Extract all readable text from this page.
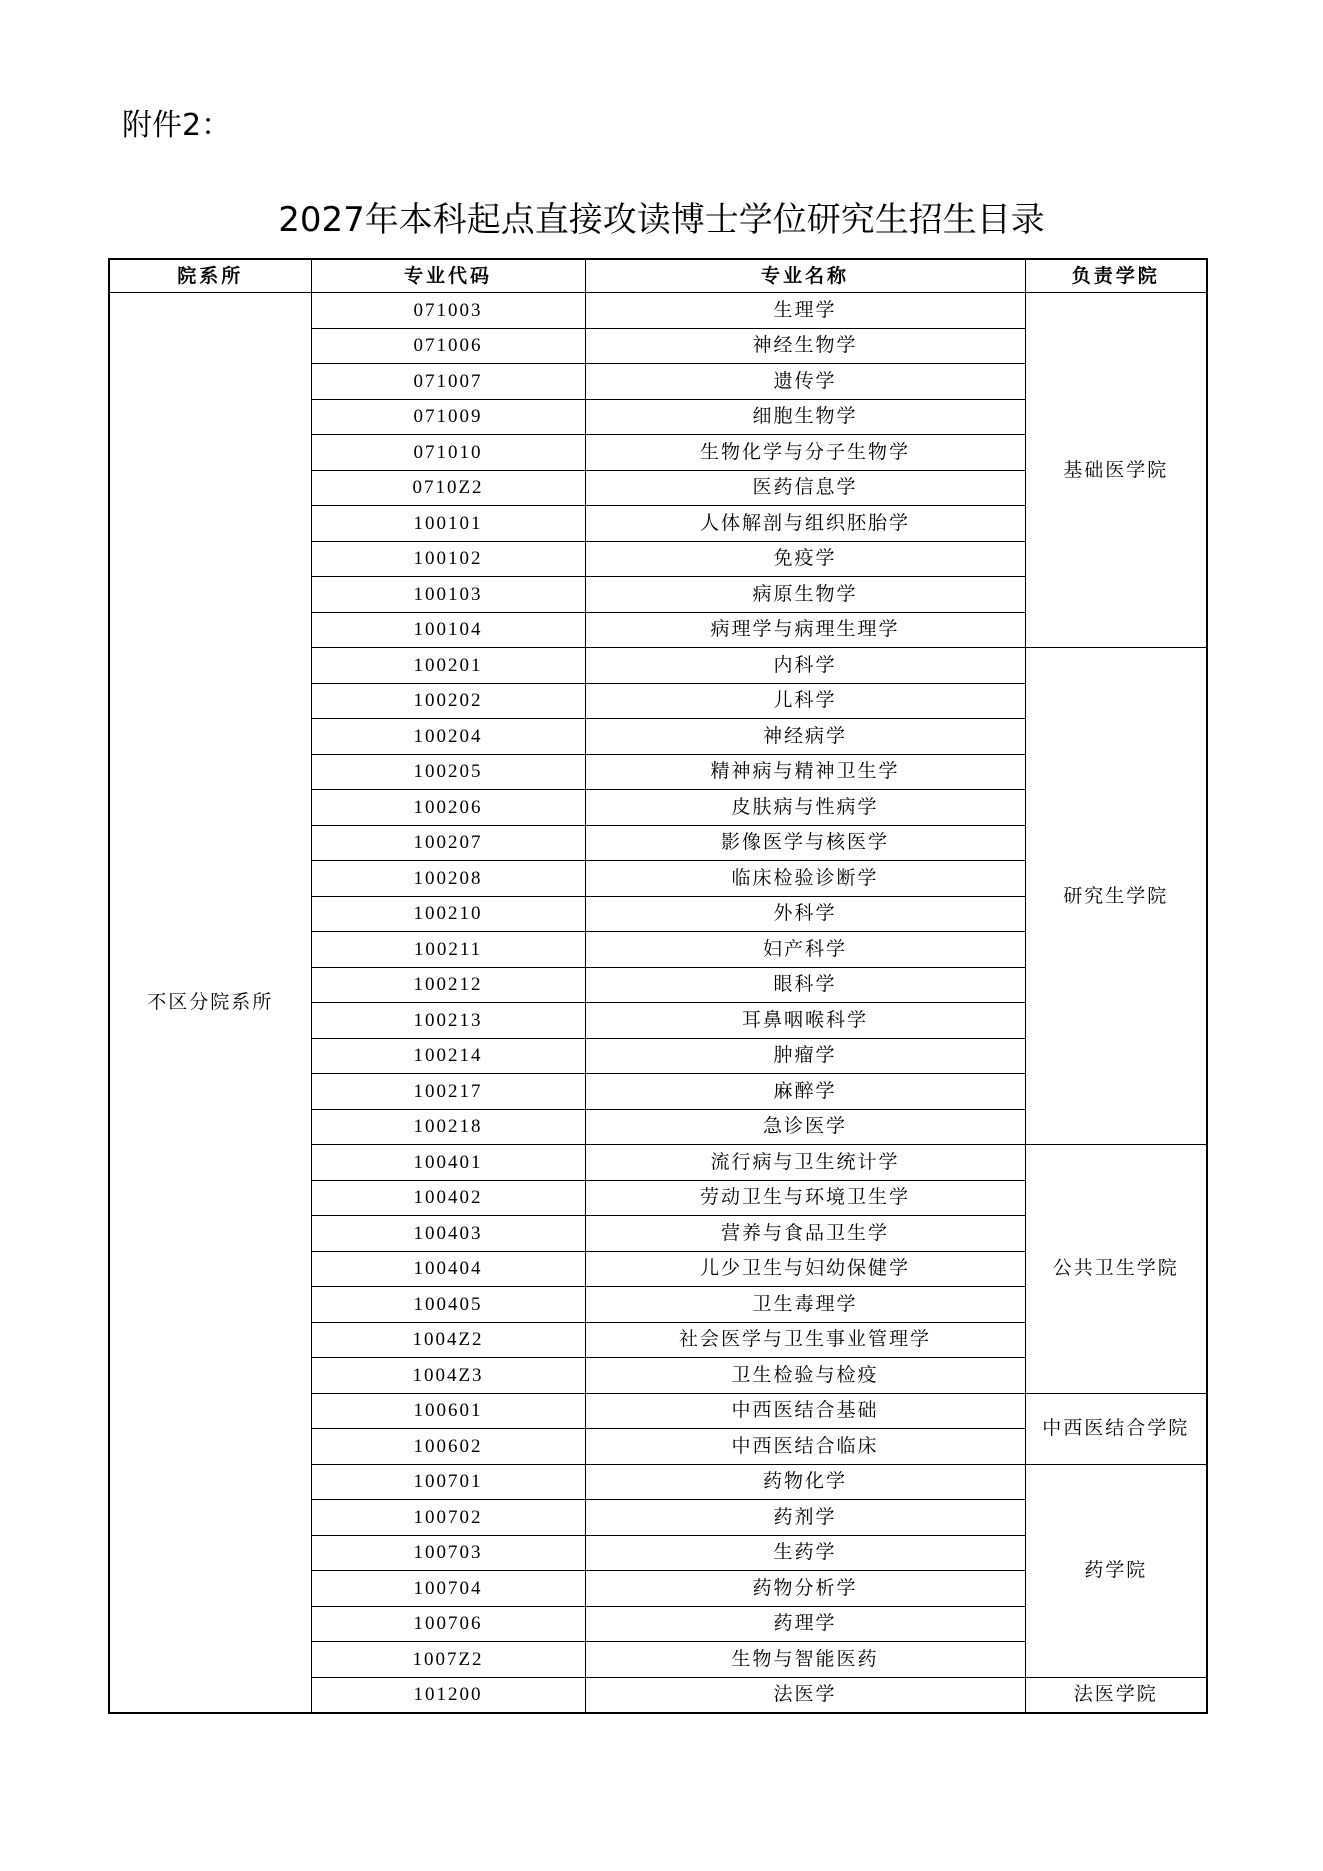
附件2：
2027年本科起点直接攻读博士学位研究生招生目录
院系所	专业代码	专业名称	负责学院
不区分院系所	071003	生理学	基础医学院
	071006	神经生物学	
	071007	遗传学	
	071009	细胞生物学	
	071010	生物化学与分子生物学	
	0710Z2	医药信息学	
	100101	人体解剖与组织胚胎学	
	100102	免疫学	
	100103	病原生物学	
	100104	病理学与病理生理学	
	100201	内科学	研究生学院
	100202	儿科学	
	100204	神经病学	
	100205	精神病与精神卫生学	
	100206	皮肤病与性病学	
	100207	影像医学与核医学	
	100208	临床检验诊断学	
	100210	外科学	
	100211	妇产科学	
	100212	眼科学	
	100213	耳鼻咽喉科学	
	100214	肿瘤学	
	100217	麻醉学	
	100218	急诊医学	
	100401	流行病与卫生统计学	公共卫生学院
	100402	劳动卫生与环境卫生学	
	100403	营养与食品卫生学	
	100404	儿少卫生与妇幼保健学	
	100405	卫生毒理学	
	1004Z2	社会医学与卫生事业管理学	
	1004Z3	卫生检验与检疫	
	100601	中西医结合基础	中西医结合学院
	100602	中西医结合临床	
	100701	药物化学	药学院
	100702	药剂学	
	100703	生药学	
	100704	药物分析学	
	100706	药理学	
	1007Z2	生物与智能医药	
	101200	法医学	法医学院
